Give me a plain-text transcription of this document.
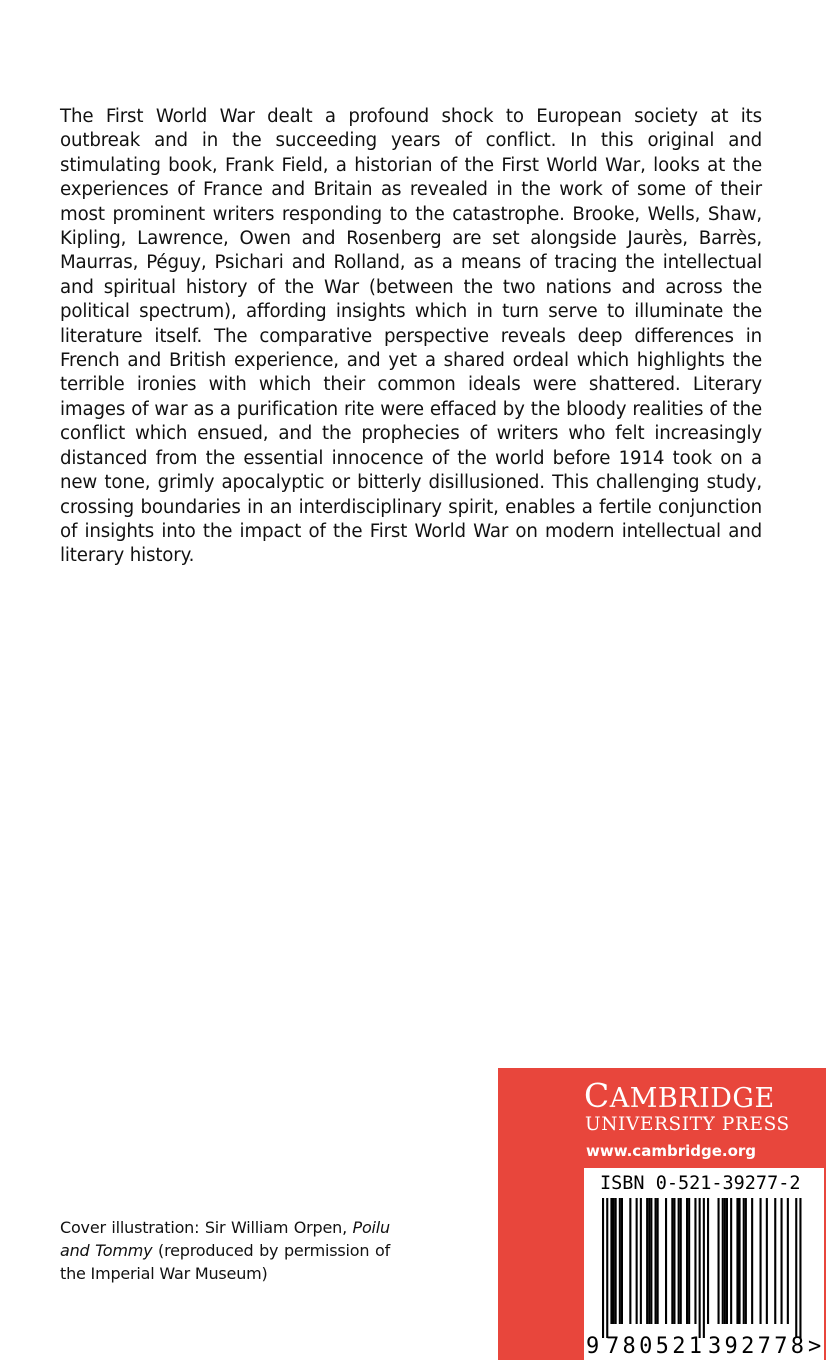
The First World War dealt a profound shock to European society at its outbreak and in the succeeding years of conflict. In this original and stimulating book, Frank Field, a historian of the First World War, looks at the experiences of France and Britain as revealed in the work of some of their most prominent writers responding to the catastrophe. Brooke, Wells, Shaw, Kipling, Lawrence, Owen and Rosenberg are set alongside Jaurès, Barrès, Maurras, Péguy, Psichari and Rolland, as a means of tracing the intellectual and spiritual history of the War (between the two nations and across the political spectrum), affording insights which in turn serve to illuminate the literature itself. The comparative perspective reveals deep differences in French and British experience, and yet a shared ordeal which highlights the terrible ironies with which their common ideals were shattered. Literary images of war as a purification rite were effaced by the bloody realities of the conflict which ensued, and the prophecies of writers who felt increasingly distanced from the essential innocence of the world before 1914 took on a new tone, grimly apocalyptic or bitterly disillusioned. This challenging study, crossing boundaries in an interdisciplinary spirit, enables a fertile conjunction of insights into the impact of the First World War on modern intellectual and literary history.

Cover illustration: Sir William Orpen, Poilu and Tommy (reproduced by permission of the Imperial War Museum)

CAMBRIDGE

UNIVERSITY PRESS

www.cambridge.org

ISBN 0-521-39277-2

9 780521 392778 >
